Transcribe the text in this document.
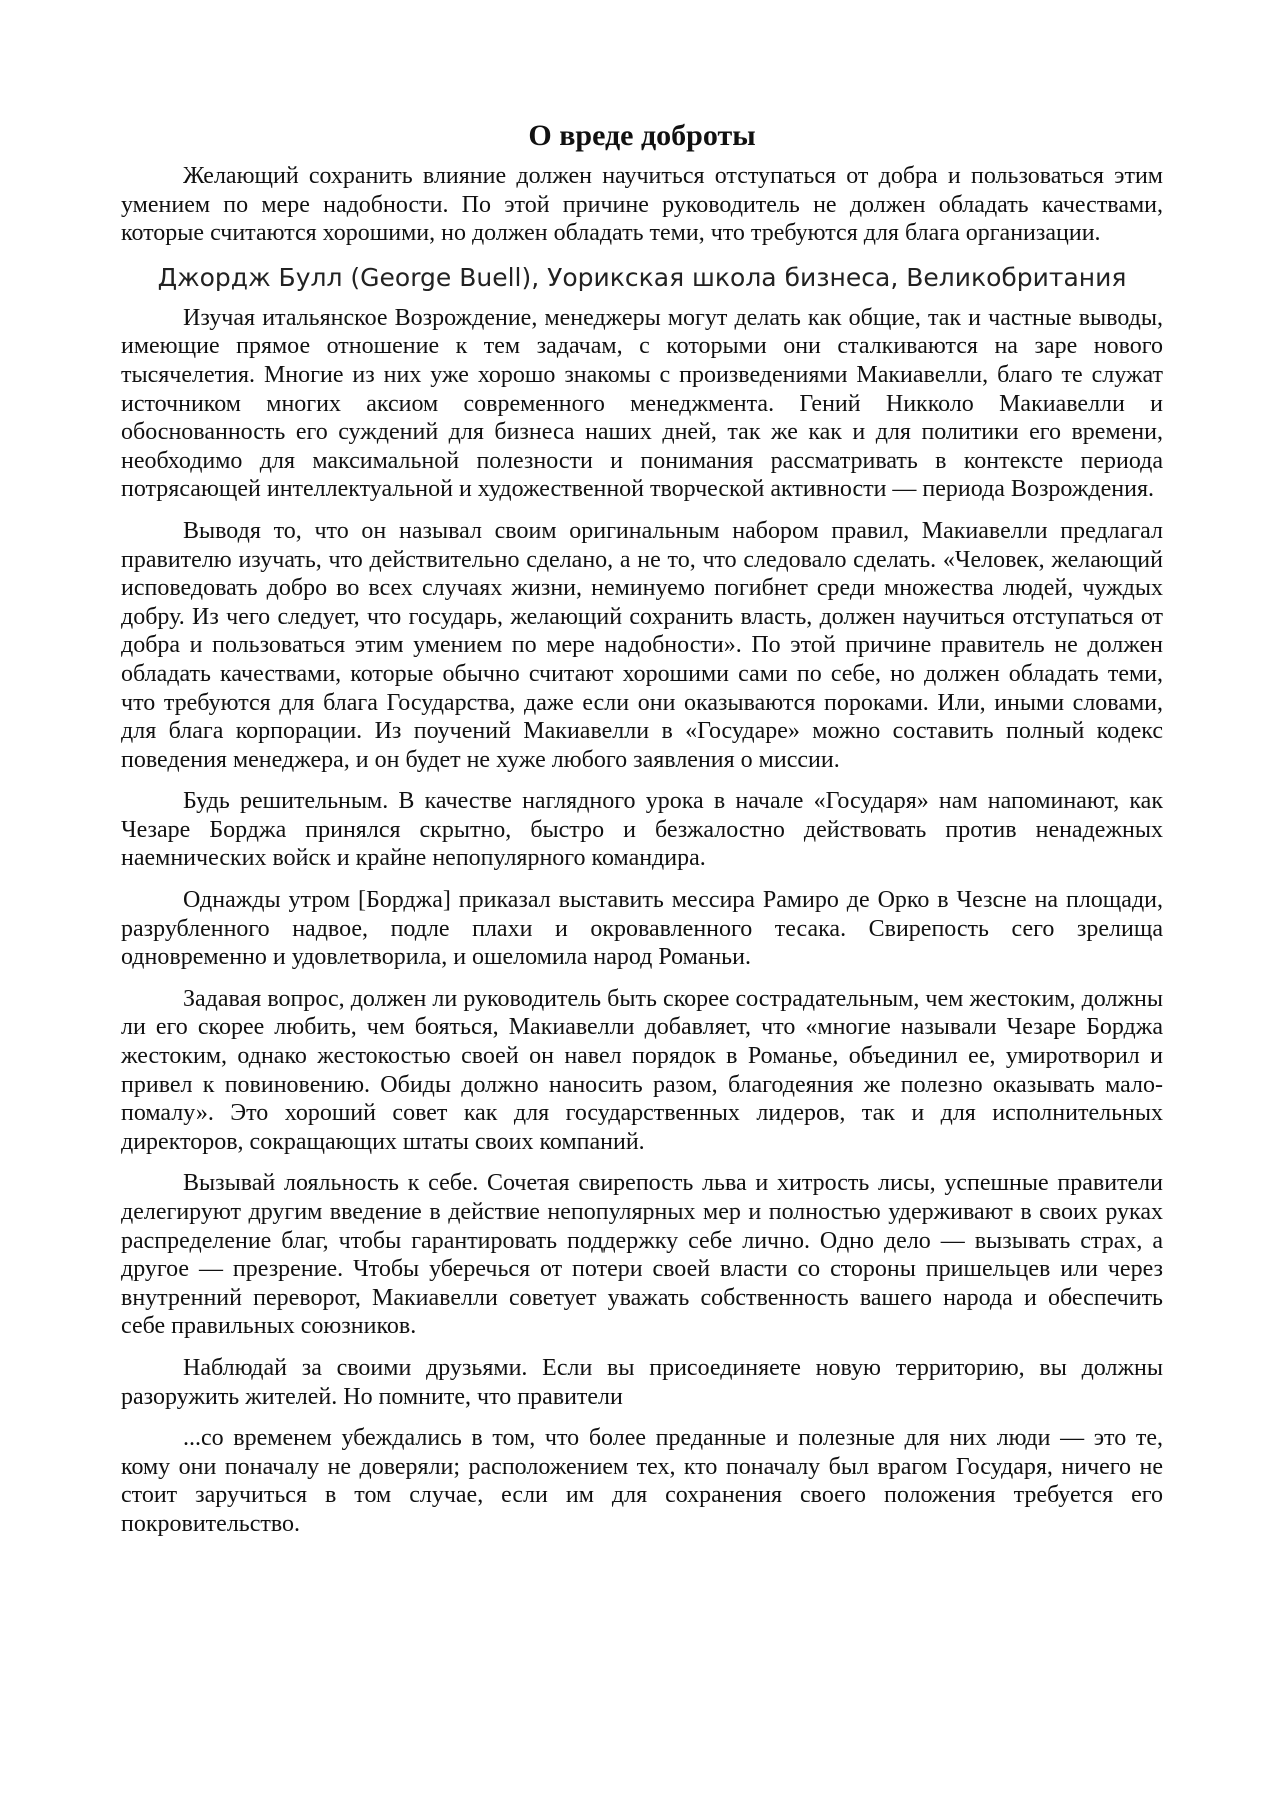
О вреде доброты

Желающий сохранить влияние должен научиться отступаться от добра и пользоваться этим умением по мере надобности. По этой причине руководитель не должен обладать качествами, которые считаются хорошими, но должен обладать теми, что требуются для блага организации.

Джордж Булл (George Buell), Уорикская школа бизнеса, Великобритания

Изучая итальянское Возрождение, менеджеры могут делать как общие, так и частные выводы, имеющие прямое отношение к тем задачам, с которыми они сталкиваются на заре нового тысячелетия. Многие из них уже хорошо знакомы с произведениями Макиавелли, благо те служат источником многих аксиом современного менеджмента. Гений Никколо Макиавелли и обоснованность его суждений для бизнеса наших дней, так же как и для политики его времени, необходимо для максимальной полезности и понимания рассматривать в контексте периода потрясающей интеллектуальной и художественной творческой активности — периода Возрождения.

Выводя то, что он называл своим оригинальным набором правил, Макиавелли предлагал правителю изучать, что действительно сделано, а не то, что следовало сделать. «Человек, желающий исповедовать добро во всех случаях жизни, неминуемо погибнет среди множества людей, чуждых добру. Из чего следует, что государь, желающий сохранить власть, должен научиться отступаться от добра и пользоваться этим умением по мере надобности». По этой причине правитель не должен обладать качествами, которые обычно считают хорошими сами по себе, но должен обладать теми, что требуются для блага Государства, даже если они оказываются пороками. Или, иными словами, для блага корпорации. Из поучений Макиавелли в «Государе» можно составить полный кодекс поведения менеджера, и он будет не хуже любого заявления о миссии.

Будь решительным. В качестве наглядного урока в начале «Государя» нам напоминают, как Чезаре Борджа принялся скрытно, быстро и безжалостно действовать против ненадежных наемнических войск и крайне непопулярного командира.

Однажды утром [Борджа] приказал выставить мессира Рамиро де Орко в Чезсне на площади, разрубленного надвое, подле плахи и окровавленного тесака. Свирепость сего зрелища одновременно и удовлетворила, и ошеломила народ Романьи.

Задавая вопрос, должен ли руководитель быть скорее сострадательным, чем жестоким, должны ли его скорее любить, чем бояться, Макиавелли добавляет, что «многие называли Чезаре Борджа жестоким, однако жестокостью своей он навел порядок в Романье, объединил ее, умиротворил и привел к повиновению. Обиды должно наносить разом, благодеяния же полезно оказывать мало-помалу». Это хороший совет как для государственных лидеров, так и для исполнительных директоров, сокращающих штаты своих компаний.

Вызывай лояльность к себе. Сочетая свирепость льва и хитрость лисы, успешные правители делегируют другим введение в действие непопулярных мер и полностью удерживают в своих руках распределение благ, чтобы гарантировать поддержку себе лично. Одно дело — вызывать страх, а другое — презрение. Чтобы уберечься от потери своей власти со стороны пришельцев или через внутренний переворот, Макиавелли советует уважать собственность вашего народа и обеспечить себе правильных союзников.

Наблюдай за своими друзьями. Если вы присоединяете новую территорию, вы должны разоружить жителей. Но помните, что правители

...со временем убеждались в том, что более преданные и полезные для них люди — это те, кому они поначалу не доверяли; расположением тех, кто поначалу был врагом Государя, ничего не стоит заручиться в том случае, если им для сохранения своего положения требуется его покровительство.
